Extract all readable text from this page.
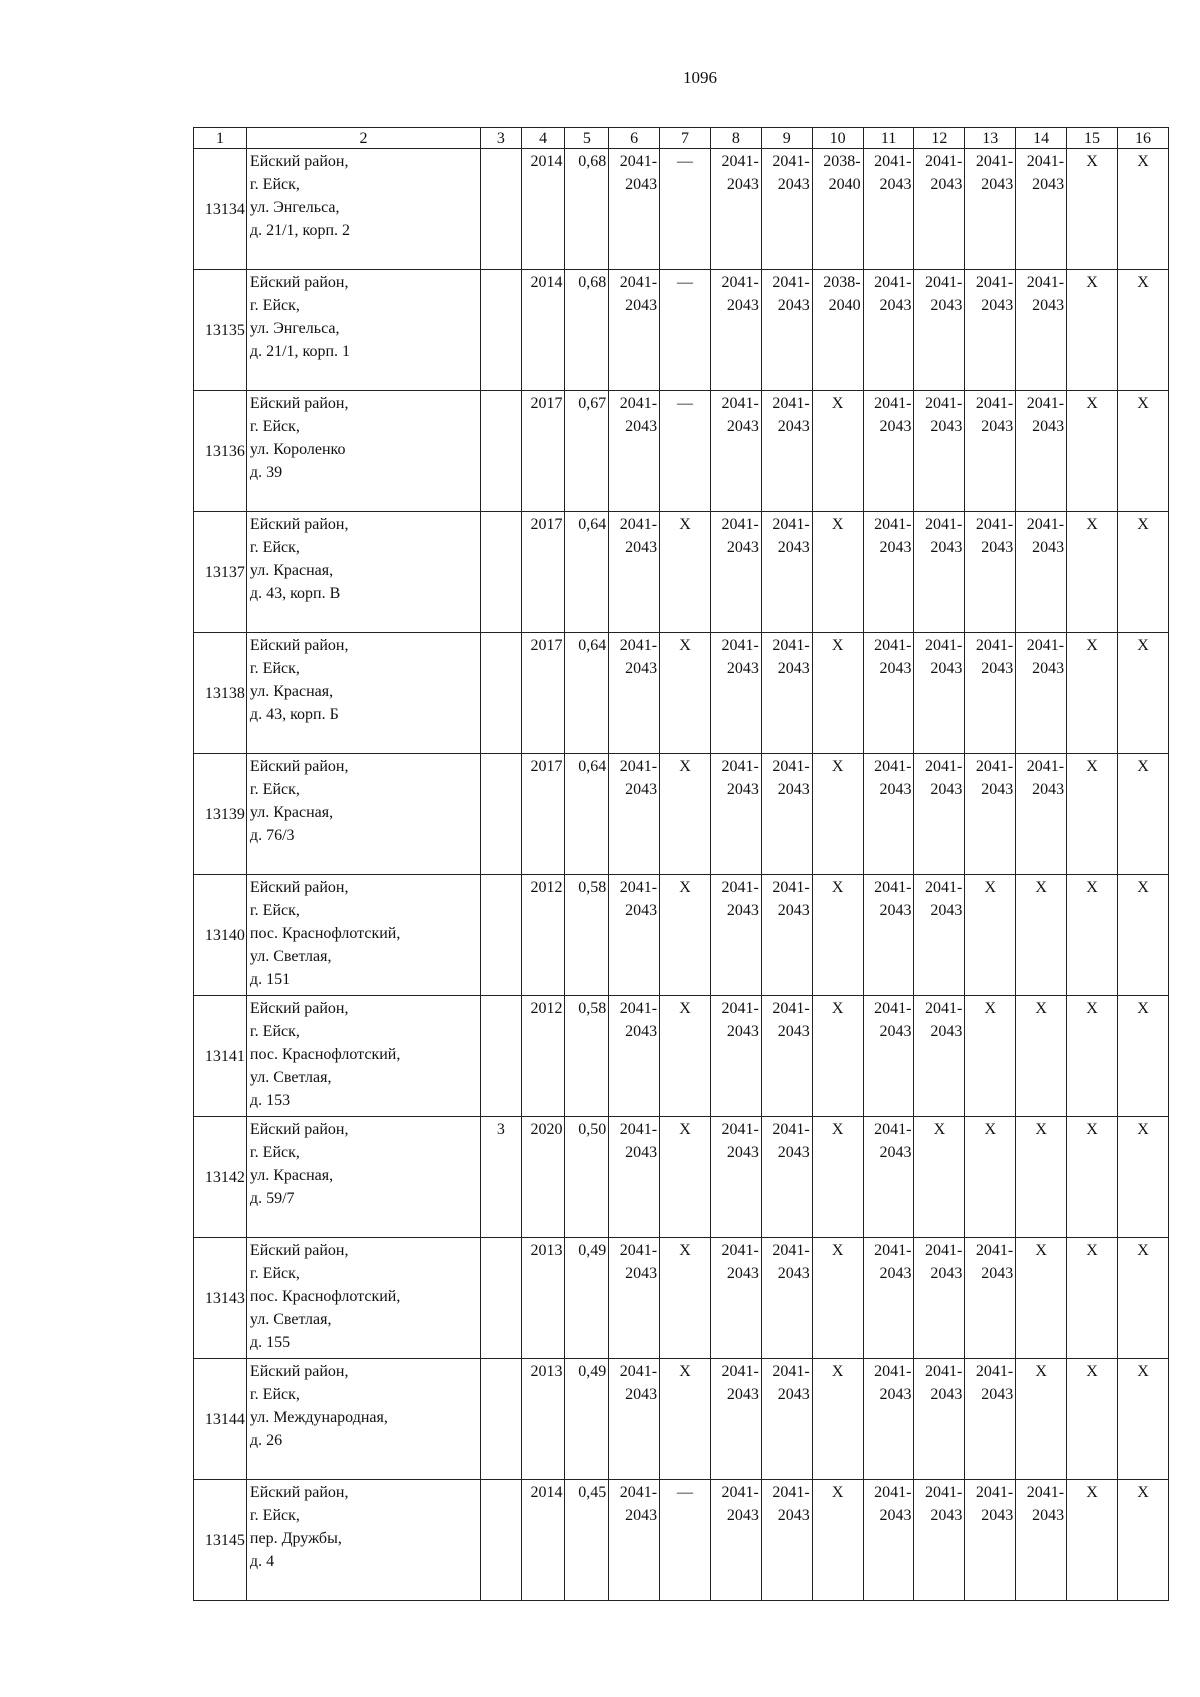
1096
1	2	3	4	5	6	7	8	9	10	11	12	13	14	15	16
13134	Ейский район,
г. Ейск,
ул. Энгельса,
д. 21/1, корп. 2		2014	0,68	2041-
2043	—	2041-
2043	2041-
2043	2038-
2040	2041-
2043	2041-
2043	2041-
2043	2041-
2043	X	X
13135	Ейский район,
г. Ейск,
ул. Энгельса,
д. 21/1, корп. 1		2014	0,68	2041-
2043	—	2041-
2043	2041-
2043	2038-
2040	2041-
2043	2041-
2043	2041-
2043	2041-
2043	X	X
13136	Ейский район,
г. Ейск,
ул. Короленко
д. 39		2017	0,67	2041-
2043	—	2041-
2043	2041-
2043	X	2041-
2043	2041-
2043	2041-
2043	2041-
2043	X	X
13137	Ейский район,
г. Ейск,
ул. Красная,
д. 43, корп. В		2017	0,64	2041-
2043	X	2041-
2043	2041-
2043	X	2041-
2043	2041-
2043	2041-
2043	2041-
2043	X	X
13138	Ейский район,
г. Ейск,
ул. Красная,
д. 43, корп. Б		2017	0,64	2041-
2043	X	2041-
2043	2041-
2043	X	2041-
2043	2041-
2043	2041-
2043	2041-
2043	X	X
13139	Ейский район,
г. Ейск,
ул. Красная,
д. 76/3		2017	0,64	2041-
2043	X	2041-
2043	2041-
2043	X	2041-
2043	2041-
2043	2041-
2043	2041-
2043	X	X
13140	Ейский район,
г. Ейск,
пос. Краснофлотский,
ул. Светлая,
д. 151		2012	0,58	2041-
2043	X	2041-
2043	2041-
2043	X	2041-
2043	2041-
2043	X	X	X	X
13141	Ейский район,
г. Ейск,
пос. Краснофлотский,
ул. Светлая,
д. 153		2012	0,58	2041-
2043	X	2041-
2043	2041-
2043	X	2041-
2043	2041-
2043	X	X	X	X
13142	Ейский район,
г. Ейск,
ул. Красная,
д. 59/7	3	2020	0,50	2041-
2043	X	2041-
2043	2041-
2043	X	2041-
2043	X	X	X	X	X
13143	Ейский район,
г. Ейск,
пос. Краснофлотский,
ул. Светлая,
д. 155		2013	0,49	2041-
2043	X	2041-
2043	2041-
2043	X	2041-
2043	2041-
2043	2041-
2043	X	X	X
13144	Ейский район,
г. Ейск,
ул. Международная,
д. 26		2013	0,49	2041-
2043	X	2041-
2043	2041-
2043	X	2041-
2043	2041-
2043	2041-
2043	X	X	X
13145	Ейский район,
г. Ейск,
пер. Дружбы,
д. 4		2014	0,45	2041-
2043	—	2041-
2043	2041-
2043	X	2041-
2043	2041-
2043	2041-
2043	2041-
2043	X	X
